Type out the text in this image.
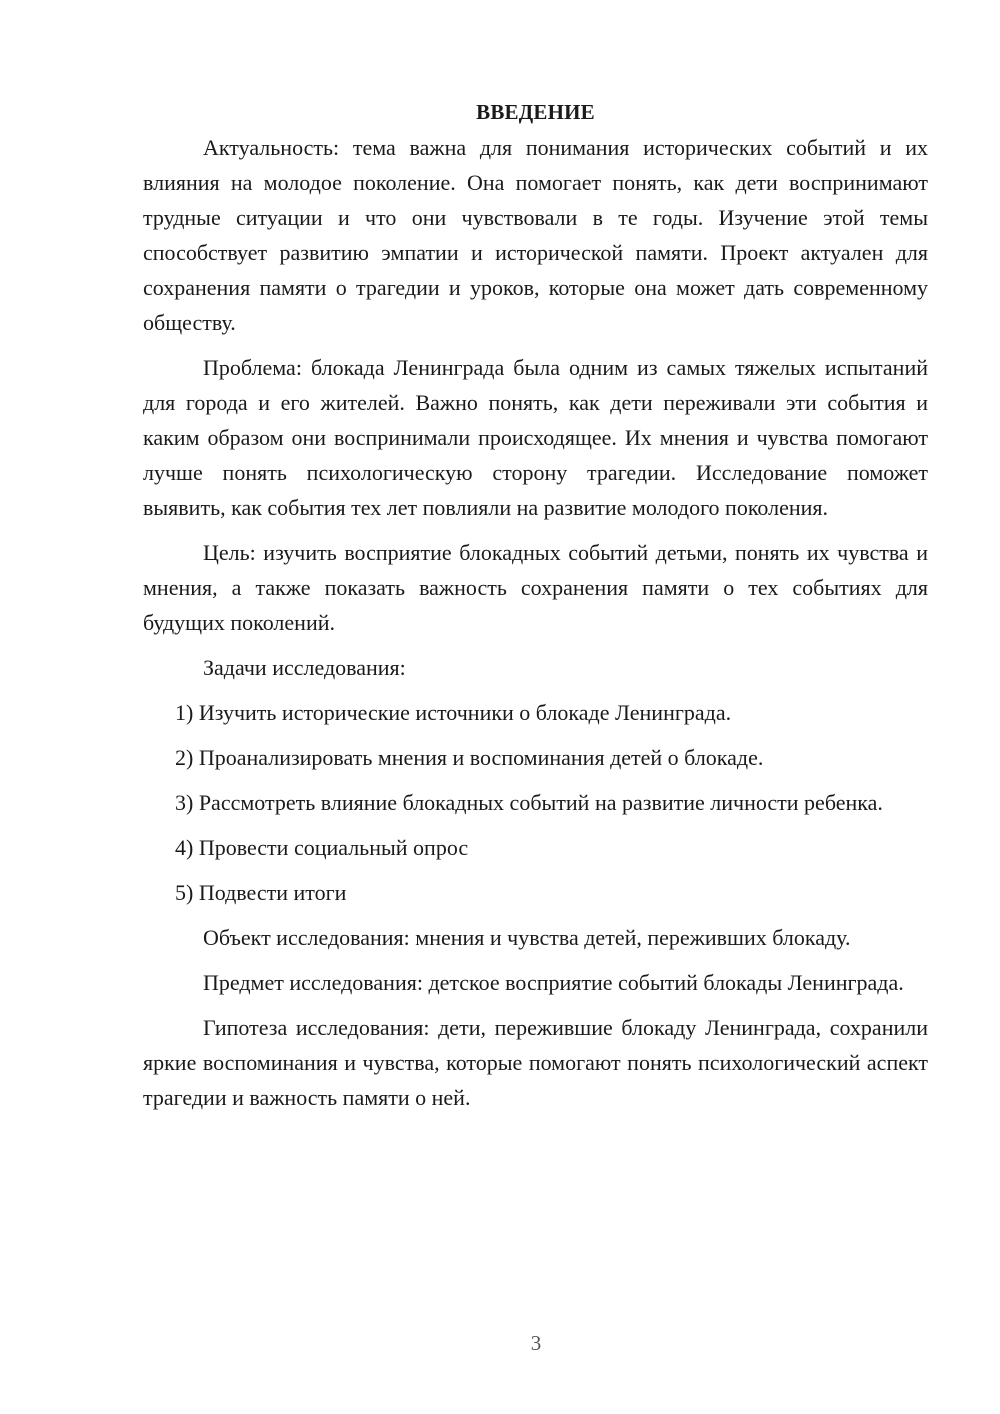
ВВЕДЕНИЕ

Актуальность: тема важна для понимания исторических событий и их влияния на молодое поколение. Она помогает понять, как дети воспринимают трудные ситуации и что они чувствовали в те годы. Изучение этой темы способствует развитию эмпатии и исторической памяти. Проект актуален для сохранения памяти о трагедии и уроков, которые она может дать современному обществу.

Проблема: блокада Ленинграда была одним из самых тяжелых испытаний для города и его жителей. Важно понять, как дети переживали эти события и каким образом они воспринимали происходящее. Их мнения и чувства помогают лучше понять психологическую сторону трагедии. Исследование поможет выявить, как события тех лет повлияли на развитие молодого поколения.

Цель: изучить восприятие блокадных событий детьми, понять их чувства и мнения, а также показать важность сохранения памяти о тех событиях для будущих поколений.

Задачи исследования:

1) Изучить исторические источники о блокаде Ленинграда.

2) Проанализировать мнения и воспоминания детей о блокаде.

3) Рассмотреть влияние блокадных событий на развитие личности ребенка.

4) Провести социальный опрос

5) Подвести итоги

Объект исследования: мнения и чувства детей, переживших блокаду.

Предмет исследования: детское восприятие событий блокады Ленинграда.

Гипотеза исследования: дети, пережившие блокаду Ленинграда, сохранили яркие воспоминания и чувства, которые помогают понять психологический аспект трагедии и важность памяти о ней.

3
